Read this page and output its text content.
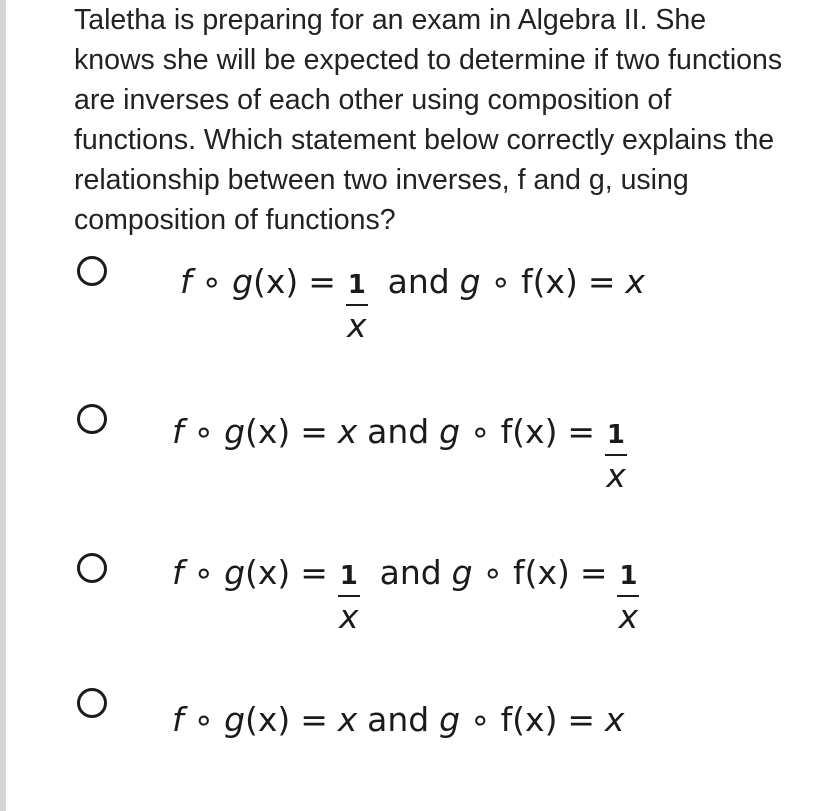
Taletha is preparing for an exam in Algebra II. She knows she will be expected to determine if two functions are inverses of each other using composition of functions. Which statement below correctly explains the relationship between two inverses, f and g, using composition of functions?

f ∘ g $(x) = \frac{1}{x}$ and g ∘ f(x) = x
f ∘ g (x) = x and g ∘ $f(x) = \frac{1}{x}$
f ∘ g $(x) = \frac{1}{x}$ and g ∘ $f(x) = \frac{1}{x}$
f ∘ g (x) = x and g ∘ f(x) = x
